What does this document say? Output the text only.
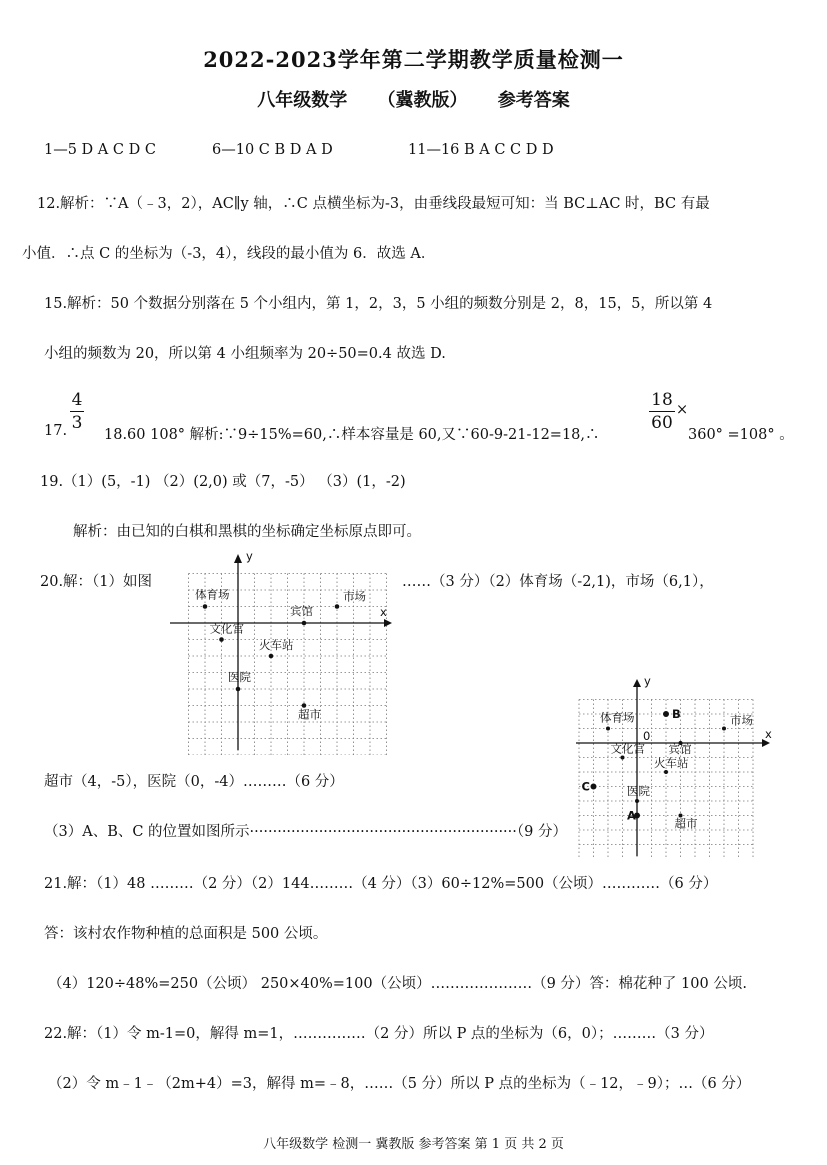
2022-2023学年第二学期教学质量检测一
八年级数学 （冀教版） 参考答案
1—5 D A C D C	6—10 C B D A D	11—16 B A C C D D
12.解析：∵A（﹣3，2），AC∥y 轴，∴C 点横坐标为-3，由垂线段最短可知：当 BC⊥AC 时，BC 有最
小值．∴点 C 的坐标为（-3，4），线段的最小值为 6．故选 A．
15.解析：50 个数据分别落在 5 个小组内，第 1，2，3，5 小组的频数分别是 2，8，15，5，所以第 4
小组的频数为 20，所以第 4 小组频率为 20÷50=0.4 故选 D.
17.
4
3
18.60 108° 解析:∵9÷15%=60,∴样本容量是 60,又∵60-9-21-12=18,∴
18
60
×
360° =108° 。
19.（1）(5，-1) （2）(2,0) 或（7，-5） （3）(1，-2)
解析：由已知的白棋和黑棋的坐标确定坐标原点即可。
20.解：（1）如图	……（3 分）（2）体育场（-2,1)，市场（6,1），
x
y
体育场	市场
宾馆
文化宫
火车站
医院
超市
超市（4，-5），医院（0，-4）………（6 分）
（3）A、B、C 的位置如图所示··························································（9 分）
x
y
0
体育场	市场
宾馆
文化宫
火车站
医院
超市
A
B
C
21.解：（1）48 ………（2 分）（2）144………（4 分）（3）60÷12%=500（公顷）…………（6 分）
答：该村农作物种植的总面积是 500 公顷。
（4）120÷48%=250（公顷） 250×40%=100（公顷）…………………（9 分）答：棉花种了 100 公顷.
22.解：（1）令 m-1=0，解得 m=1，……………（2 分）所以 P 点的坐标为（6，0）；………（3 分）
（2）令 m﹣1﹣（2m+4）=3，解得 m=﹣8，……（5 分）所以 P 点的坐标为（﹣12，﹣9）；…（6 分）
八年级数学 检测一 冀教版 参考答案 第 1 页 共 2 页
